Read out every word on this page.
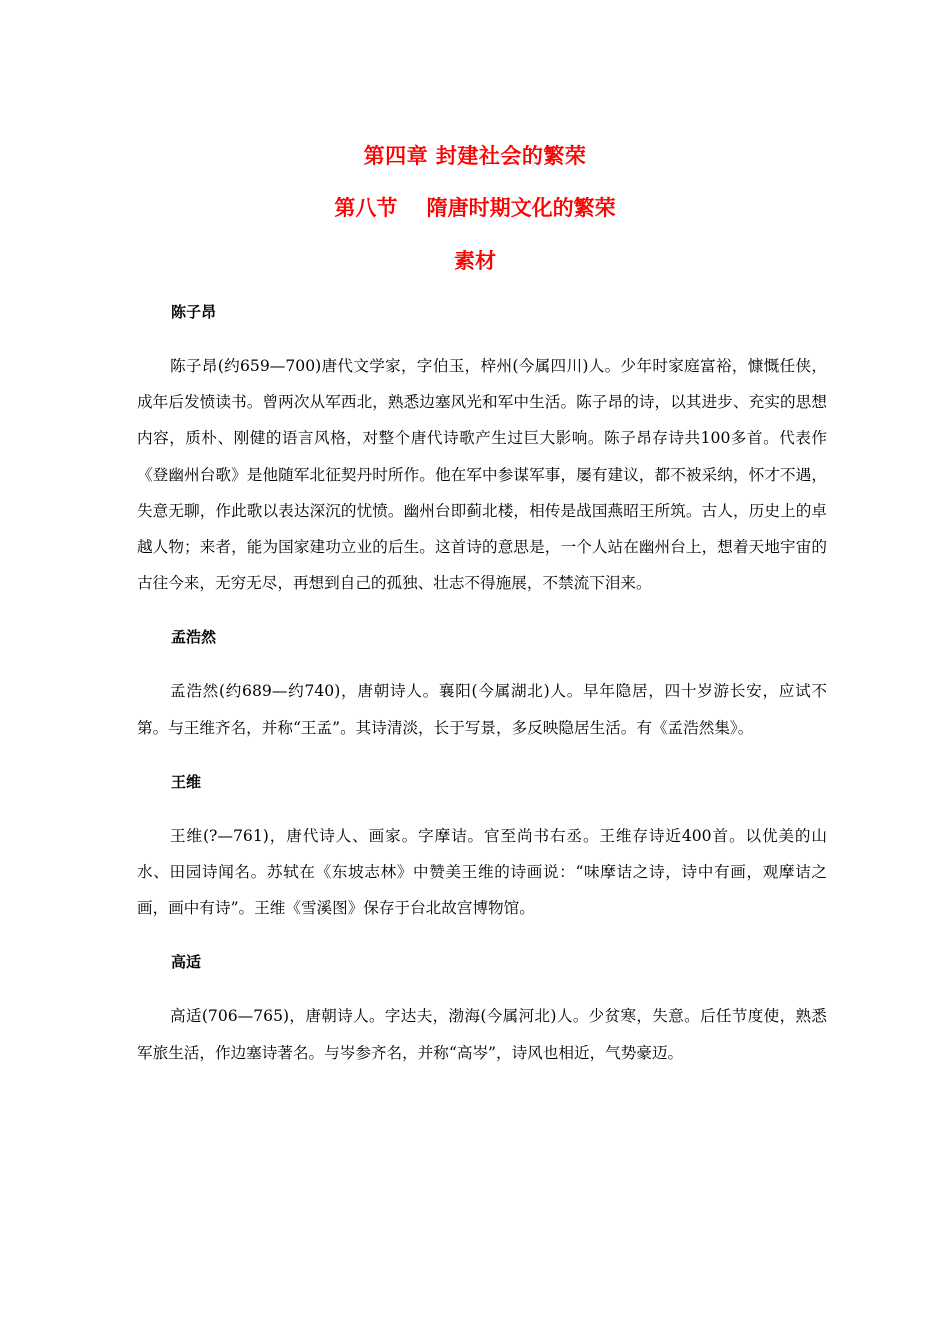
第四章 封建社会的繁荣
第八节    隋唐时期文化的繁荣
素材
陈子昂

陈子昂(约659—700)唐代文学家，字伯玉，梓州(今属四川)人。少年时家庭富裕，慷慨任侠，成年后发愤读书。曾两次从军西北，熟悉边塞风光和军中生活。陈子昂的诗，以其进步、充实的思想内容，质朴、刚健的语言风格，对整个唐代诗歌产生过巨大影响。陈子昂存诗共100多首。代表作《登幽州台歌》是他随军北征契丹时所作。他在军中参谋军事，屡有建议，都不被采纳，怀才不遇，失意无聊，作此歌以表达深沉的忧愤。幽州台即蓟北楼，相传是战国燕昭王所筑。古人，历史上的卓越人物；来者，能为国家建功立业的后生。这首诗的意思是，一个人站在幽州台上，想着天地宇宙的古往今来，无穷无尽，再想到自己的孤独、壮志不得施展，不禁流下泪来。

孟浩然

孟浩然(约689—约740)，唐朝诗人。襄阳(今属湖北)人。早年隐居，四十岁游长安，应试不第。与王维齐名，并称“王孟”。其诗清淡，长于写景，多反映隐居生活。有《孟浩然集》。

王维

王维(?—761)，唐代诗人、画家。字摩诘。官至尚书右丞。王维存诗近400首。以优美的山水、田园诗闻名。苏轼在《东坡志林》中赞美王维的诗画说：“味摩诘之诗，诗中有画，观摩诘之画，画中有诗”。王维《雪溪图》保存于台北故宫博物馆。

高适

高适(706—765)，唐朝诗人。字达夫，渤海(今属河北)人。少贫寒，失意。后任节度使，熟悉军旅生活，作边塞诗著名。与岑参齐名，并称“高岑”，诗风也相近，气势豪迈。
